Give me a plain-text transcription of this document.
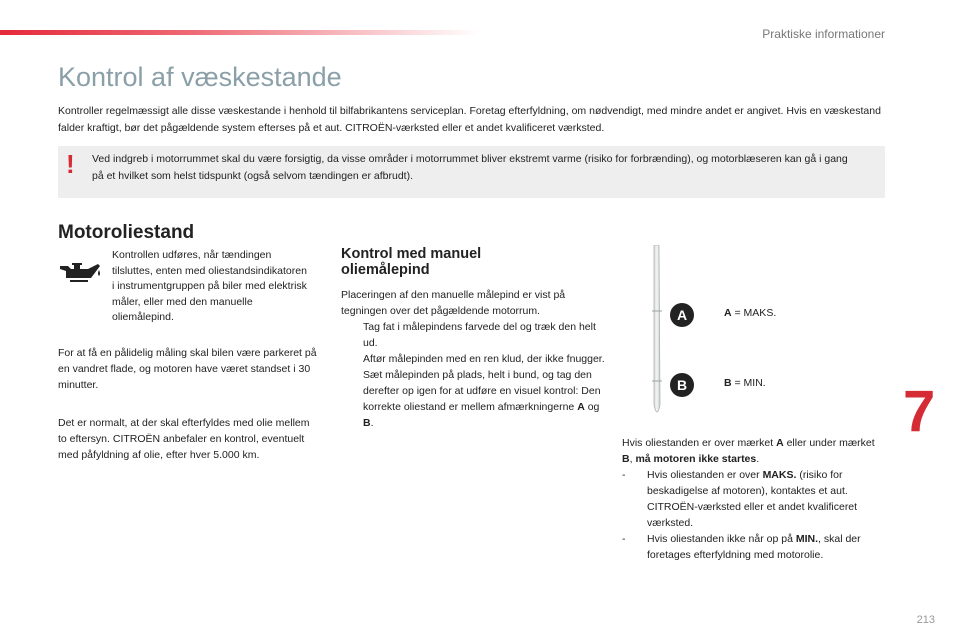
Praktiske informationer
Kontrol af væskestande

Kontroller regelmæssigt alle disse væskestande i henhold til bilfabrikantens serviceplan. Foretag efterfyldning, om nødvendigt, med mindre andet er angivet. Hvis en væskestand falder kraftigt, bør det pågældende system efterses på et aut. CITROËN-værksted eller et andet kvalificeret værksted.

! Ved indgreb i motorrummet skal du være forsigtig, da visse områder i motorrummet bliver ekstremt varme (risiko for forbrænding), og motorblæseren kan gå i gang på et hvilket som helst tidspunkt (også selvom tændingen er afbrudt).
Motoroliestand
Kontrollen udføres, når tændingen tilsluttes, enten med oliestandsindikatoren i instrumentgruppen på biler med elektrisk måler, eller med den manuelle oliemålepind.
For at få en pålidelig måling skal bilen være parkeret på en vandret flade, og motoren have været standset i 30 minutter.
Det er normalt, at der skal efterfyldes med olie mellem to eftersyn. CITROËN anbefaler en kontrol, eventuelt med påfyldning af olie, efter hver 5.000 km.
Kontrol med manuel oliemålepind
Placeringen af den manuelle målepind er vist på tegningen over det pågældende motorrum.
Tag fat i målepindens farvede del og træk den helt ud.
Aftør målepinden med en ren klud, der ikke fnugger.
Sæt målepinden på plads, helt i bund, og tag den derefter op igen for at udføre en visuel kontrol: Den korrekte oliestand er mellem afmærkningerne A og B.
A
B
A = MAKS.
B = MIN.
Hvis oliestanden er over mærket A eller under mærket B, må motoren ikke startes.
- Hvis oliestanden er over MAKS. (risiko for beskadigelse af motoren), kontaktes et aut. CITROËN-værksted eller et andet kvalificeret værksted.
- Hvis oliestanden ikke når op på MIN., skal der foretages efterfyldning med motorolie.
7
213
